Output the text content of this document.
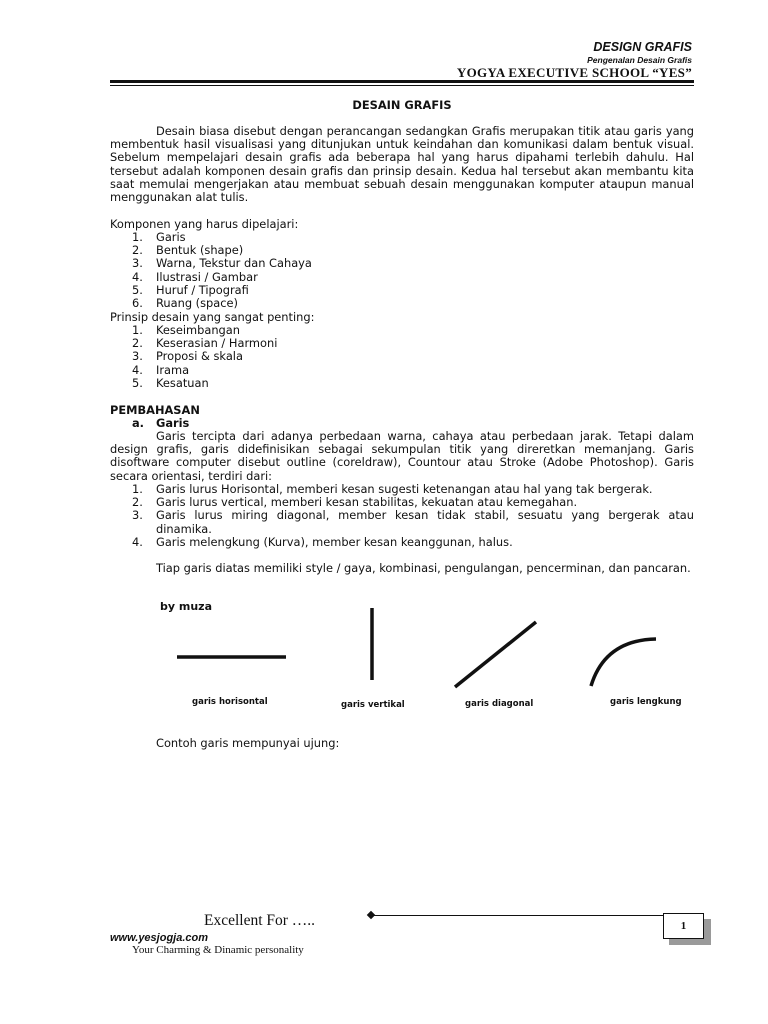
DESIGN GRAFIS
Pengenalan Desain Grafis
YOGYA EXECUTIVE SCHOOL “YES”
DESAIN GRAFIS

Desain biasa disebut dengan perancangan sedangkan Grafis merupakan titik atau garis yang membentuk hasil visualisasi yang ditunjukan untuk keindahan dan komunikasi dalam bentuk visual. Sebelum mempelajari desain grafis ada beberapa hal yang harus dipahami terlebih dahulu. Hal tersebut adalah komponen desain grafis dan prinsip desain. Kedua hal tersebut akan membantu kita saat memulai mengerjakan atau membuat sebuah desain menggunakan komputer ataupun manual menggunakan alat tulis.

Komponen yang harus dipelajari:
1. Garis
2. Bentuk (shape)
3. Warna, Tekstur dan Cahaya
4. Ilustrasi / Gambar
5. Huruf / Tipografi
6. Ruang (space)
Prinsip desain yang sangat penting:
1. Keseimbangan
2. Keserasian / Harmoni
3. Proposi & skala
4. Irama
5. Kesatuan
PEMBAHASAN
a. Garis

Garis tercipta dari adanya perbedaan warna, cahaya atau perbedaan jarak. Tetapi dalam design grafis, garis didefinisikan sebagai sekumpulan titik yang direretkan memanjang. Garis disoftware computer disebut outline (coreldraw), Countour atau Stroke (Adobe Photoshop). Garis secara orientasi, terdiri dari:

1. Garis lurus Horisontal, memberi kesan sugesti ketenangan atau hal yang tak bergerak.
2. Garis lurus vertical, memberi kesan stabilitas, kekuatan atau kemegahan.
3. Garis lurus miring diagonal, member kesan tidak stabil, sesuatu yang bergerak atau dinamika.
4. Garis melengkung (Kurva), member kesan keanggunan, halus.

Tiap garis diatas memiliki style / gaya, kombinasi, pengulangan, pencerminan, dan pancaran.

by muza
garis horisontal	garis vertikal	garis diagonal	garis lengkung
Contoh garis mempunyai ujung:
Excellent For …..	1
www.yesjogja.com
Your Charming & Dinamic personality
